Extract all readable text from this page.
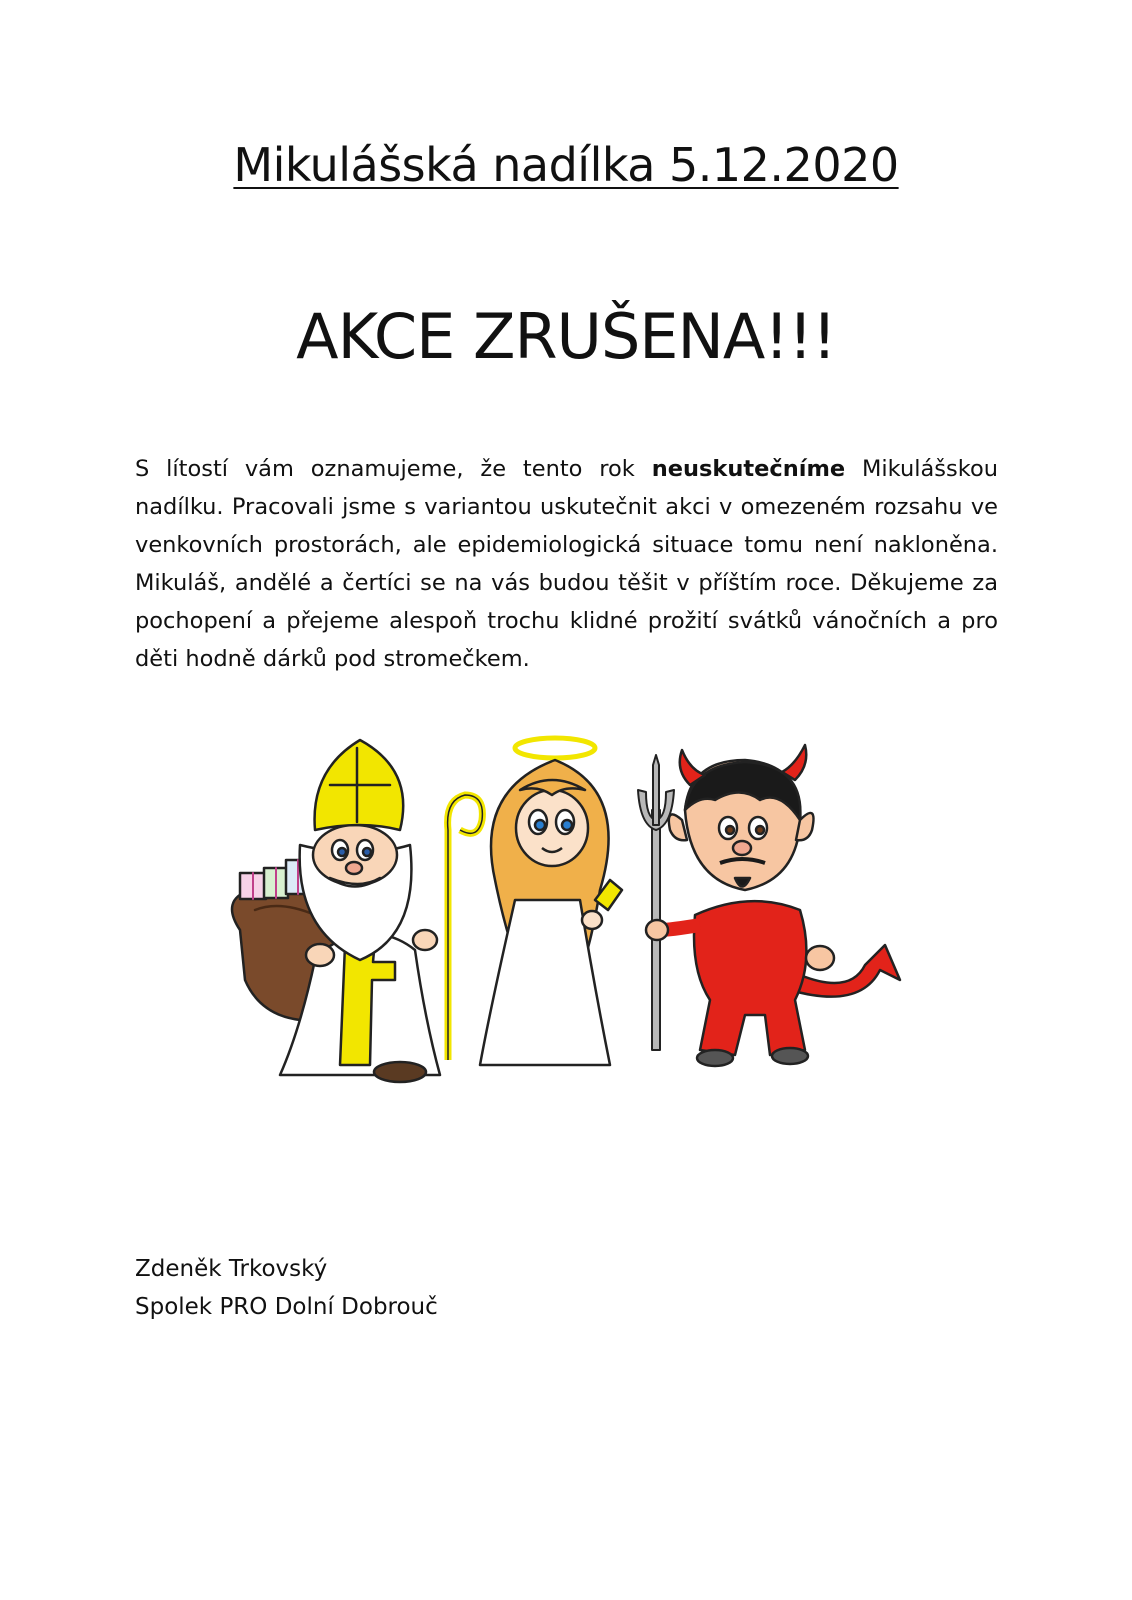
Mikulášská nadílka 5.12.2020
AKCE ZRUŠENA!!!
S lítostí vám oznamujeme, že tento rok neuskutečníme Mikulášskou nadílku. Pracovali jsme s variantou uskutečnit akci v omezeném rozsahu ve venkovních prostorách, ale epidemiologická situace tomu není nakloněna. Mikuláš, andělé a čertíci se na vás budou těšit v příštím roce. Děkujeme za pochopení a přejeme alespoň trochu klidné prožití svátků vánočních a pro děti hodně dárků pod stromečkem.
Zdeněk Trkovský
Spolek PRO Dolní Dobrouč
